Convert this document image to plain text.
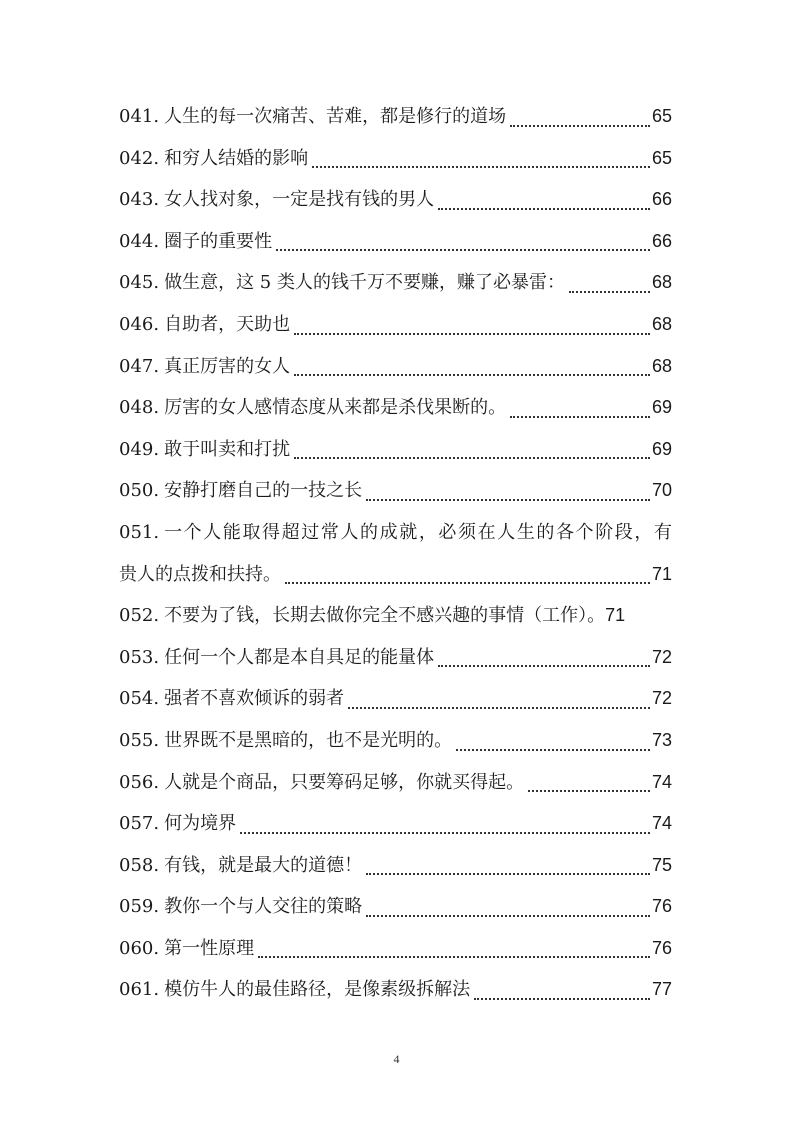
041. 人生的每一次痛苦、苦难，都是修行的道场	65
042. 和穷人结婚的影响	65
043. 女人找对象，一定是找有钱的男人	66
044. 圈子的重要性	66
045. 做生意，这 5 类人的钱千万不要赚，赚了必暴雷：	68
046. 自助者，天助也	68
047. 真正厉害的女人	68
048. 厉害的女人感情态度从来都是杀伐果断的。	69
049. 敢于叫卖和打扰	69
050. 安静打磨自己的一技之长	70
051. 一个人能取得超过常人的成就，必须在人生的各个阶段，有
贵人的点拨和扶持。	71
052. 不要为了钱，长期去做你完全不感兴趣的事情（工作）。 71
053. 任何一个人都是本自具足的能量体	72
054. 强者不喜欢倾诉的弱者	72
055. 世界既不是黑暗的，也不是光明的。	73
056. 人就是个商品，只要筹码足够，你就买得起。	74
057. 何为境界	74
058. 有钱，就是最大的道德！	75
059. 教你一个与人交往的策略	76
060. 第一性原理	76
061. 模仿牛人的最佳路径，是像素级拆解法	77
4
